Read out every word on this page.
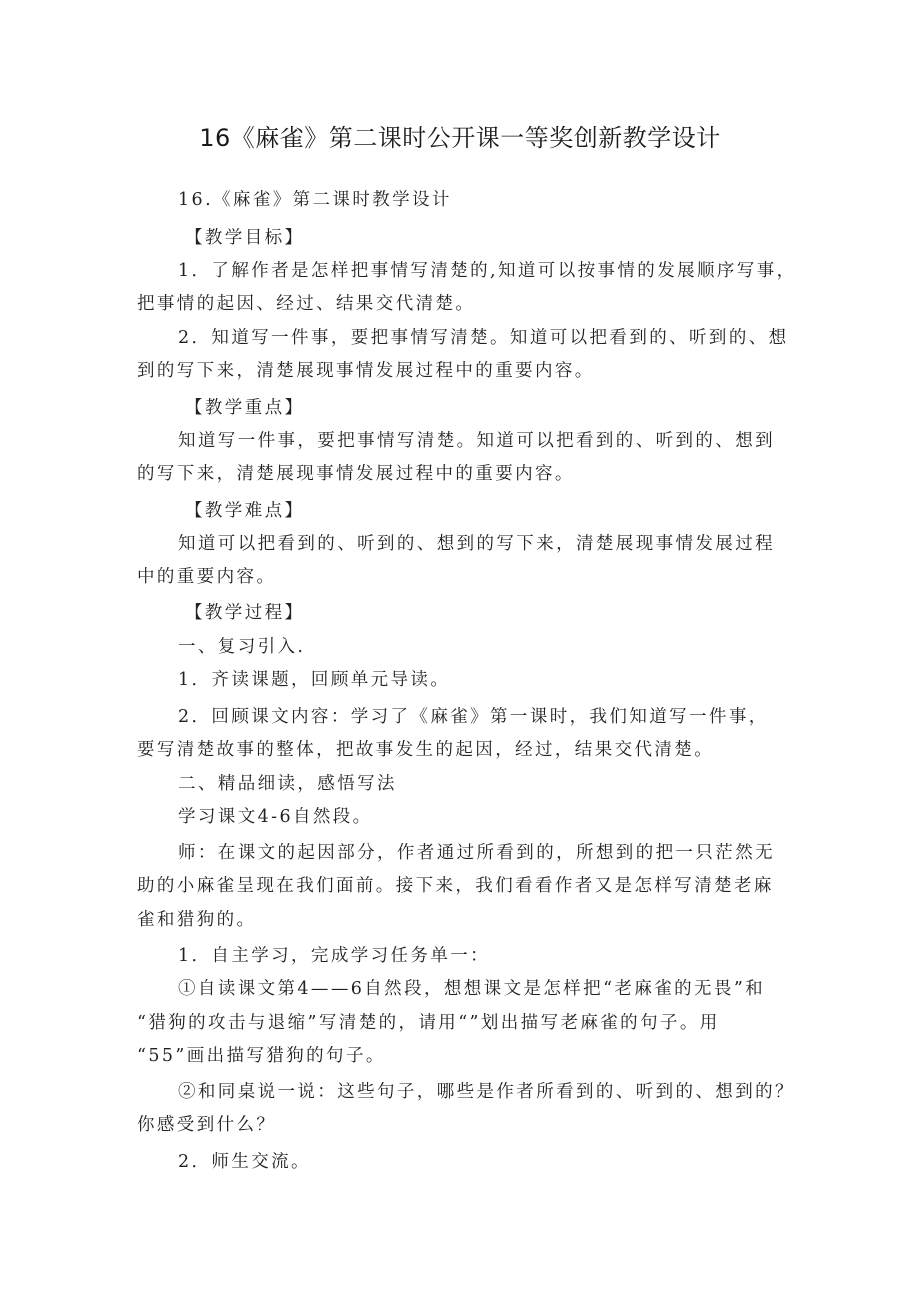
16《麻雀》第二课时公开课一等奖创新教学设计
16.《麻雀》第二课时教学设计
【教学目标】
1．了解作者是怎样把事情写清楚的,知道可以按事情的发展顺序写事，
把事情的起因、经过、结果交代清楚。
2．知道写一件事，要把事情写清楚。知道可以把看到的、听到的、想
到的写下来，清楚展现事情发展过程中的重要内容。
【教学重点】
知道写一件事，要把事情写清楚。知道可以把看到的、听到的、想到
的写下来，清楚展现事情发展过程中的重要内容。
【教学难点】
知道可以把看到的、听到的、想到的写下来，清楚展现事情发展过程
中的重要内容。
【教学过程】
一、复习引入.
1．齐读课题，回顾单元导读。
2．回顾课文内容：学习了《麻雀》第一课时，我们知道写一件事，
要写清楚故事的整体，把故事发生的起因，经过，结果交代清楚。
二、精品细读，感悟写法
学习课文4-6自然段。
师：在课文的起因部分，作者通过所看到的，所想到的把一只茫然无
助的小麻雀呈现在我们面前。接下来，我们看看作者又是怎样写清楚老麻
雀和猎狗的。
1．自主学习，完成学习任务单一：
①自读课文第4——6自然段，想想课文是怎样把“老麻雀的无畏”和
“猎狗的攻击与退缩”写清楚的，请用“”划出描写老麻雀的句子。用
“55”画出描写猎狗的句子。
②和同桌说一说：这些句子，哪些是作者所看到的、听到的、想到的？
你感受到什么？
2．师生交流。
